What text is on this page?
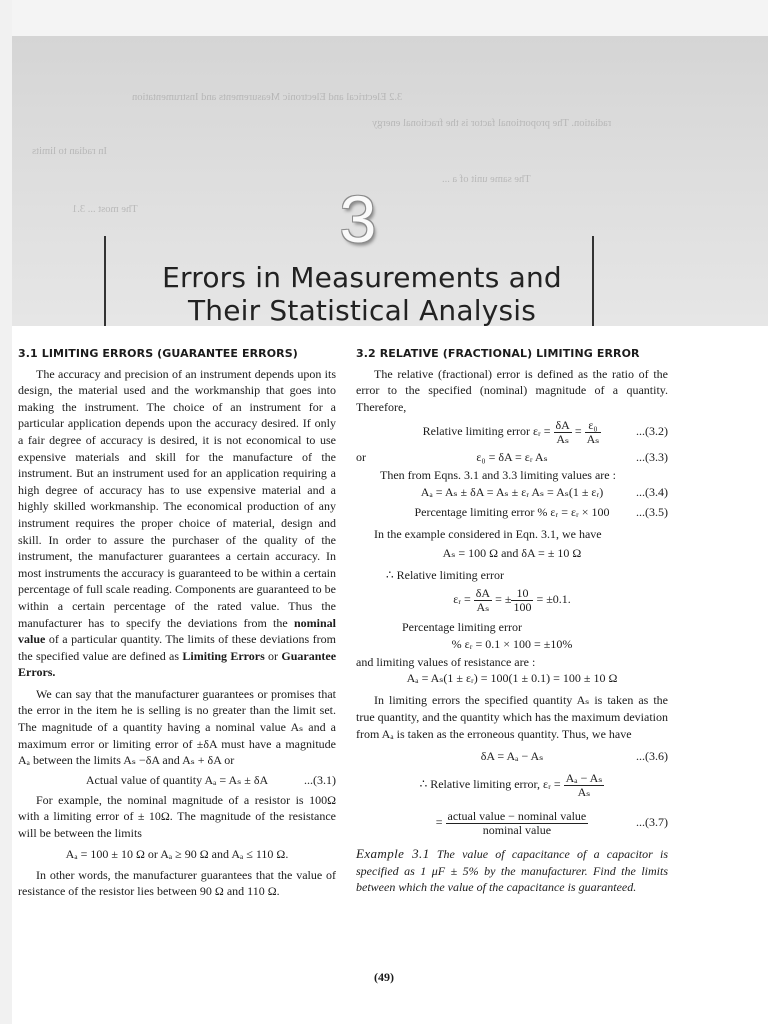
3.2 Electrical and Electronic Measurements and Instrumentation
radiation. The proportional factor is the fractional energy
In radian to limits
The same unit of a ...
The most ... 3.1	3
Errors in Measurements and
Their Statistical Analysis
3.1 LIMITING ERRORS (GUARANTEE ERRORS)

The accuracy and precision of an instrument depends upon its design, the material used and the workmanship that goes into making the instrument. The choice of an instrument for a particular application depends upon the accuracy desired. If only a fair degree of accuracy is desired, it is not economical to use expensive materials and skill for the manufacture of the instrument. But an instrument used for an application requiring a high degree of accuracy has to use expensive material and a highly skilled workmanship. The economical production of any instrument requires the proper choice of material, design and skill. In order to assure the purchaser of the quality of the instrument, the manufacturer guarantees a certain accuracy. In most instruments the accuracy is guaranteed to be within a certain percentage of full scale reading. Components are guaranteed to be within a certain percentage of the rated value. Thus the manufacturer has to specify the deviations from the nominal value of a particular quantity. The limits of these deviations from the specified value are defined as Limiting Errors or Guarantee Errors.

We can say that the manufacturer guarantees or promises that the error in the item he is selling is no greater than the limit set. The magnitude of a quantity having a nominal value Aₛ and a maximum error or limiting error of ±δA must have a magnitude Aₐ between the limits Aₛ −δA and Aₛ + δA or

Actual value of quantity Aₐ = Aₛ ± δA	...(3.1)

For example, the nominal magnitude of a resistor is 100Ω with a limiting error of ± 10Ω. The magnitude of the resistance will be between the limits

Aₐ = 100 ± 10 Ω or Aₐ ≥ 90 Ω and Aₐ ≤ 110 Ω.

In other words, the manufacturer guarantees that the value of resistance of the resistor lies between 90 Ω and 110 Ω.

3.2 RELATIVE (FRACTIONAL) LIMITING ERROR

The relative (fractional) error is defined as the ratio of the error to the specified (nominal) magnitude of a quantity. Therefore,

Relative limiting error εᵣ = $\frac{\delta A}{\text{Aₛ}} = \frac{\text{ε₀}}{\text{Aₛ}}$	...(3.2)
or	ε₀ = δA = εᵣ Aₛ	...(3.3)

Then from Eqns. 3.1 and 3.3 limiting values are :

Aₐ = Aₛ ± δA = Aₛ ± εᵣ Aₛ = Aₛ(1 ± εᵣ)	...(3.4)
Percentage limiting error % εᵣ = εᵣ × 100 ...(3.5)

In the example considered in Eqn. 3.1, we have

Aₛ = 100 Ω and δA = ± 10 Ω

∴ Relative limiting error

εᵣ = $\frac{\delta A}{\text{Aₛ}}$ = ± $\frac{10}{100} = \pm 0.1$.

Percentage limiting error

% εᵣ = 0.1 × 100 = ±10%

and limiting values of resistance are :

Aₐ = Aₛ(1 ± εᵣ) = 100(1 ± 0.1) = 100 ± 10 Ω

In limiting errors the specified quantity Aₛ is taken as the true quantity, and the quantity which has the maximum deviation from Aₐ is taken as the erroneous quantity. Thus, we have

δA = Aₐ − Aₛ	...(3.6)
∴ Relative limiting error, εᵣ = $\frac{\text{Aₐ − Aₛ}}{\text{Aₛ}}$
= $\frac{\text{actual value − nominal value}}{\text{nominal value}}$	...(3.7)

Example 3.1 The value of capacitance of a capacitor is specified as 1 μF ± 5% by the manufacturer. Find the limits between which the value of the capacitance is guaranteed.

(49)
